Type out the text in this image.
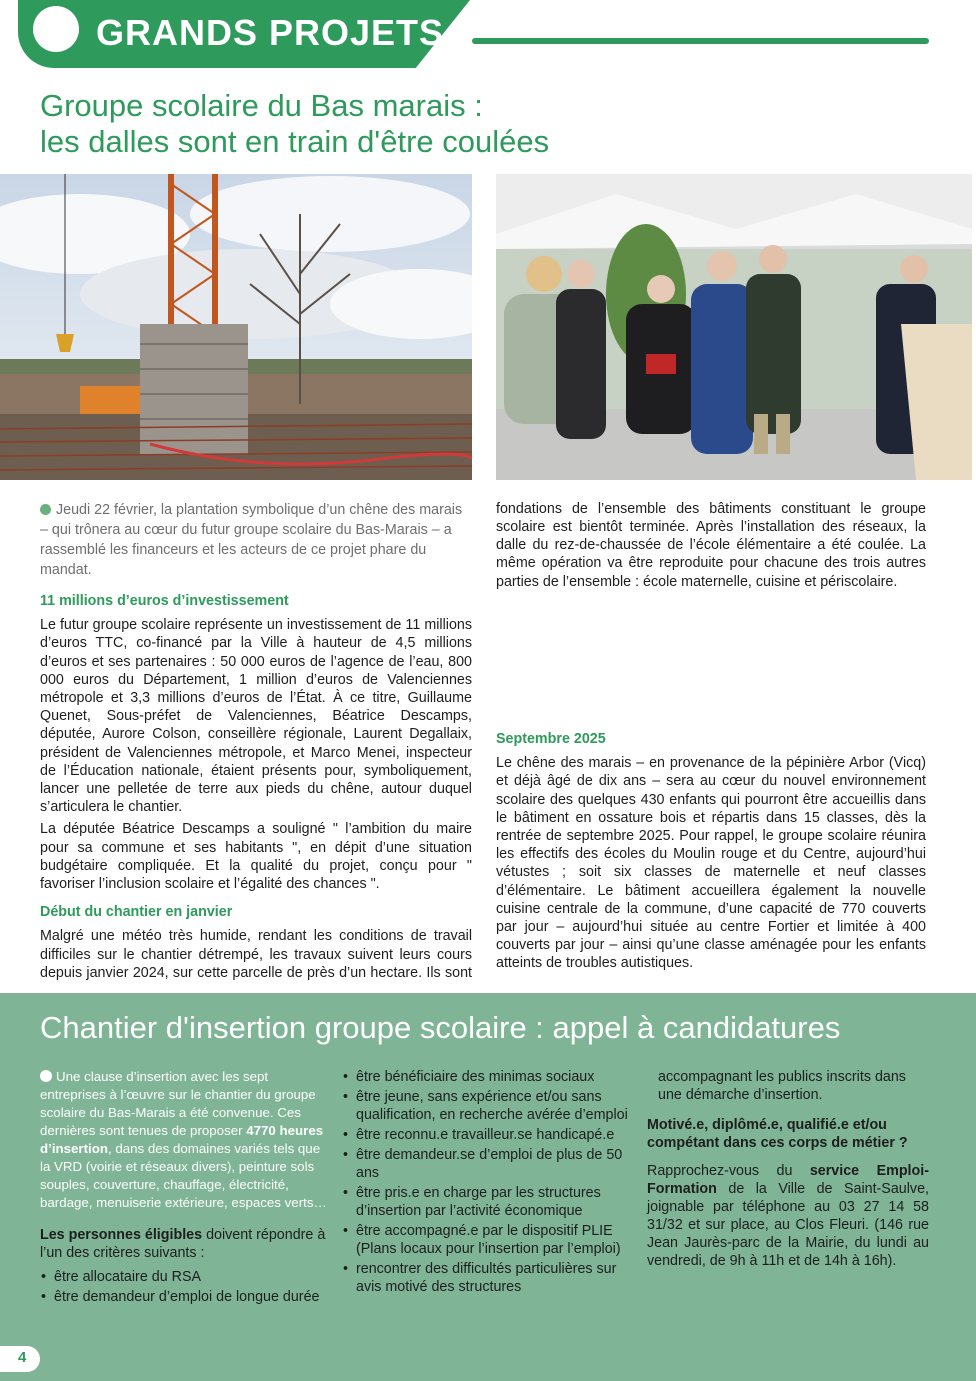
GRANDS PROJETS
Groupe scolaire du Bas marais :
les dalles sont en train d'être coulées

Jeudi 22 février, la plantation symbolique d’un chêne des marais – qui trônera au cœur du futur groupe scolaire du Bas-Marais – a rassemblé les financeurs et les acteurs de ce projet phare du mandat.

11 millions d’euros d’investissement

Le futur groupe scolaire représente un investissement de 11 millions d’euros TTC, co-financé par la Ville à hauteur de 4,5 millions d’euros et ses partenaires : 50 000 euros de l’agence de l’eau, 800 000 euros du Département, 1 million d’euros de Valenciennes métropole et 3,3 millions d’euros de l’État. À ce titre, Guillaume Quenet, Sous-préfet de Valenciennes, Béatrice Descamps, députée, Aurore Colson, conseillère régionale, Laurent Degallaix, président de Valenciennes métropole, et Marco Menei, inspecteur de l’Éducation nationale, étaient présents pour, symboliquement, lancer une pelletée de terre aux pieds du chêne, autour duquel s’articulera le chantier.

La députée Béatrice Descamps a souligné " l’ambition du maire pour sa commune et ses habitants ", en dépit d’une situation budgétaire compliquée. Et la qualité du projet, conçu pour " favoriser l’inclusion scolaire et l’égalité des chances ".

Début du chantier en janvier

Malgré une météo très humide, rendant les conditions de travail difficiles sur le chantier détrempé, les travaux suivent leurs cours depuis janvier 2024, sur cette parcelle de près d’un hectare. Ils sont

fondations de l’ensemble des bâtiments constituant le groupe scolaire est bientôt terminée. Après l’installation des réseaux, la dalle du rez-de-chaussée de l’école élémentaire a été coulée. La même opération va être reproduite pour chacune des trois autres parties de l’ensemble : école maternelle, cuisine et périscolaire.

Septembre 2025

Le chêne des marais – en provenance de la pépinière Arbor (Vicq) et déjà âgé de dix ans – sera au cœur du nouvel environnement scolaire des quelques 430 enfants qui pourront être accueillis dans le bâtiment en ossature bois et répartis dans 15 classes, dès la rentrée de septembre 2025. Pour rappel, le groupe scolaire réunira les effectifs des écoles du Moulin rouge et du Centre, aujourd’hui vétustes ; soit six classes de maternelle et neuf classes d’élémentaire. Le bâtiment accueillera également la nouvelle cuisine centrale de la commune, d’une capacité de 770 couverts par jour – aujourd’hui située au centre Fortier et limitée à 400 couverts par jour – ainsi qu’une classe aménagée pour les enfants atteints de troubles autistiques.

Chantier d'insertion groupe scolaire : appel à candidatures

Une clause d’insertion avec les sept entreprises à l’œuvre sur le chantier du groupe scolaire du Bas-Marais a été convenue. Ces dernières sont tenues de proposer 4770 heures d’insertion, dans des domaines variés tels que la VRD (voirie et réseaux divers), peinture sols souples, couverture, chauffage, électricité, bardage, menuiserie extérieure, espaces verts…

Les personnes éligibles doivent répondre à l’un des critères suivants :

• être allocataire du RSA
• être demandeur d’emploi de longue durée
• être bénéficiaire des minimas sociaux
• être jeune, sans expérience et/ou sans qualification, en recherche avérée d’emploi
• être reconnu.e travailleur.se handicapé.e
• être demandeur.se d’emploi de plus de 50 ans
• être pris.e en charge par les structures d’insertion par l’activité économique
• être accompagné.e par le dispositif PLIE (Plans locaux pour l’insertion par l’emploi)
• rencontrer des difficultés particulières sur avis motivé des structures

accompagnant les publics inscrits dans une démarche d’insertion.

Motivé.e, diplômé.e, qualifié.e et/ou compétant dans ces corps de métier ?

Rapprochez-vous du service Emploi-Formation de la Ville de Saint-Saulve, joignable par téléphone au 03 27 14 58 31/32 et sur place, au Clos Fleuri. (146 rue Jean Jaurès-parc de la Mairie, du lundi au vendredi, de 9h à 11h et de 14h à 16h).

4
